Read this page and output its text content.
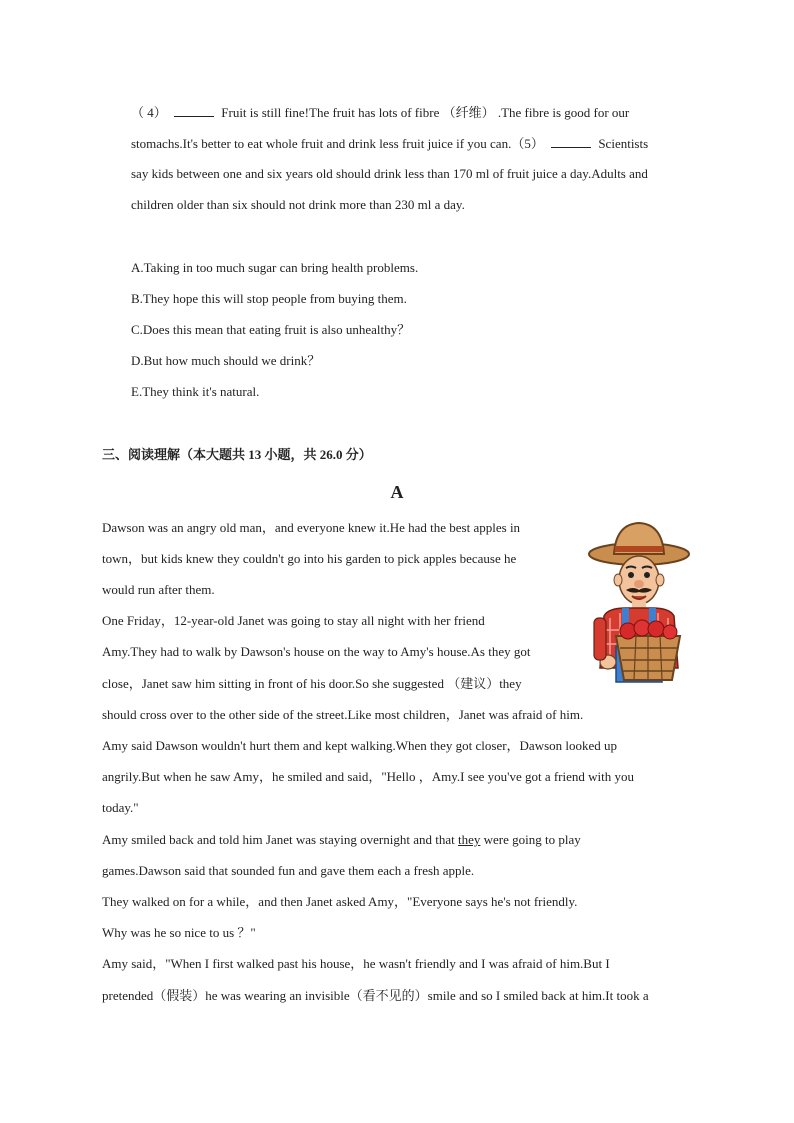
（ 4）	Fruit is still fine!The fruit has lots of fibre （纤维） .The fibre is good for our
stomachs.It's better to eat whole fruit and drink less fruit juice if you can.（5）	Scientists
say kids between one and six years old should drink less than 170 ml of fruit juice a day.Adults and
children older than six should not drink more than 230 ml a day.
A.Taking in too much sugar can bring health problems.
B.They hope this will stop people from buying them.
C.Does this mean that eating fruit is also unhealthy？
D.But how much should we drink？
E.They think it's natural.
三、阅读理解（本大题共 13 小题，共 26.0 分）
A
Dawson was an angry old man，and everyone knew it.He had the best apples in
town，but kids knew they couldn't go into his garden to pick apples because he
would run after them.
One Friday，12-year-old Janet was going to stay all night with her friend
Amy.They had to walk by Dawson's house on the way to Amy's house.As they got
close，Janet saw him sitting in front of his door.So she suggested （建议）they
should cross over to the other side of the street.Like most children，Janet was afraid of him.
Amy said Dawson wouldn't hurt them and kept walking.When they got closer，Dawson looked up
angrily.But when he saw Amy，he smiled and said，"Hello ，Amy.I see you've got a friend with you
today."
Amy smiled back and told him Janet was staying overnight and that they were going to play
games.Dawson said that sounded fun and gave them each a fresh apple.
They walked on for a while，and then Janet asked Amy，"Everyone says he's not friendly.
Why was he so nice to us ？"
Amy said，"When I first walked past his house，he wasn't friendly and I was afraid of him.But I
pretended（假装）he was wearing an invisible（看不见的）smile and so I smiled back at him.It took a
